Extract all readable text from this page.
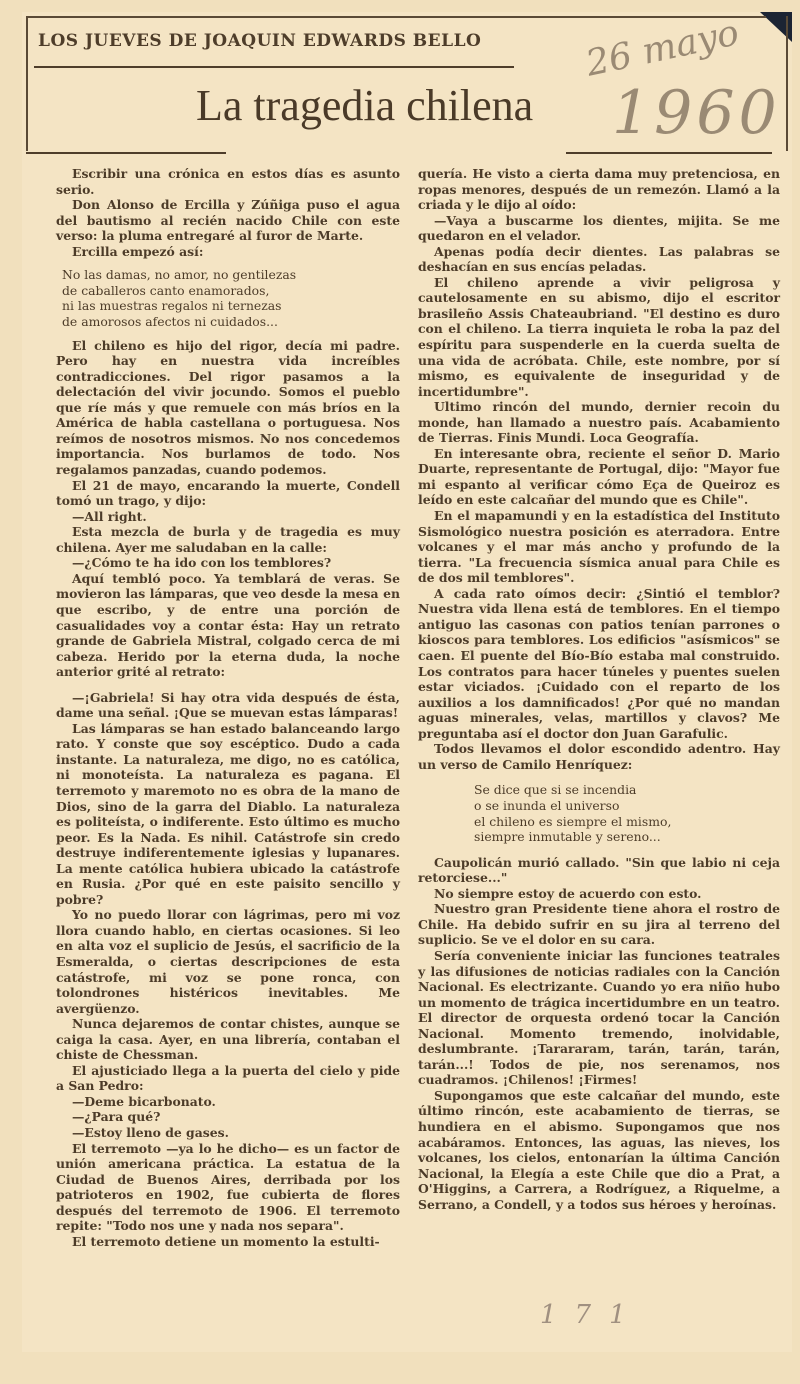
LOS JUEVES DE JOAQUIN EDWARDS BELLO
La tragedia chilena
26 mayo
1960

Escribir una crónica en estos días es asunto serio.

Don Alonso de Ercilla y Zúñiga puso el agua del bautismo al recién nacido Chile con este verso: la pluma entregaré al furor de Marte.

Ercilla empezó así:

No las damas, no amor, no gentilezas
de caballeros canto enamorados,
ni las muestras regalos ni ternezas
de amorosos afectos ni cuidados...

El chileno es hijo del rigor, decía mi padre. Pero hay en nuestra vida increíbles contradicciones. Del rigor pasamos a la delectación del vivir jocundo. Somos el pueblo que ríe más y que remuele con más bríos en la América de habla castellana o portuguesa. Nos reímos de nosotros mismos. No nos concedemos importancia. Nos burlamos de todo. Nos regalamos panzadas, cuando podemos.

El 21 de mayo, encarando la muerte, Condell tomó un trago, y dijo:

—All right.

Esta mezcla de burla y de tragedia es muy chilena. Ayer me saludaban en la calle:

—¿Cómo te ha ido con los temblores?

Aquí tembló poco. Ya temblará de veras. Se movieron las lámparas, que veo desde la mesa en que escribo, y de entre una porción de casualidades voy a contar ésta: Hay un retrato grande de Gabriela Mistral, colgado cerca de mi cabeza. Herido por la eterna duda, la noche anterior grité al retrato:

—¡Gabriela! Si hay otra vida después de ésta, dame una señal. ¡Que se muevan estas lámparas!

Las lámparas se han estado balanceando largo rato. Y conste que soy escéptico. Dudo a cada instante. La naturaleza, me digo, no es católica, ni monoteísta. La naturaleza es pagana. El terremoto y maremoto no es obra de la mano de Dios, sino de la garra del Diablo. La naturaleza es politeísta, o indiferente. Esto último es mucho peor. Es la Nada. Es nihil. Catástrofe sin credo destruye indiferentemente iglesias y lupanares. La mente católica hubiera ubicado la catástrofe en Rusia. ¿Por qué en este paisito sencillo y pobre?

Yo no puedo llorar con lágrimas, pero mi voz llora cuando hablo, en ciertas ocasiones. Si leo en alta voz el suplicio de Jesús, el sacrificio de la Esmeralda, o ciertas descripciones de esta catástrofe, mi voz se pone ronca, con tolondrones histéricos inevitables. Me avergüenzo.

Nunca dejaremos de contar chistes, aunque se caiga la casa. Ayer, en una librería, contaban el chiste de Chessman.

El ajusticiado llega a la puerta del cielo y pide a San Pedro:

—Deme bicarbonato.

—¿Para qué?

—Estoy lleno de gases.

El terremoto —ya lo he dicho— es un factor de unión americana práctica. La estatua de la Ciudad de Buenos Aires, derribada por los patrioteros en 1902, fue cubierta de flores después del terremoto de 1906. El terremoto repite: "Todo nos une y nada nos separa".

El terremoto detiene un momento la estulti-

quería. He visto a cierta dama muy pretenciosa, en ropas menores, después de un remezón. Llamó a la criada y le dijo al oído:

—Vaya a buscarme los dientes, mijita. Se me quedaron en el velador.

Apenas podía decir dientes. Las palabras se deshacían en sus encías peladas.

El chileno aprende a vivir peligrosa y cautelosamente en su abismo, dijo el escritor brasileño Assis Chateaubriand. "El destino es duro con el chileno. La tierra inquieta le roba la paz del espíritu para suspenderle en la cuerda suelta de una vida de acróbata. Chile, este nombre, por sí mismo, es equivalente de inseguridad y de incertidumbre".

Ultimo rincón del mundo, dernier recoin du monde, han llamado a nuestro país. Acabamiento de Tierras. Finis Mundi. Loca Geografía.

En interesante obra, reciente el señor D. Mario Duarte, representante de Portugal, dijo: "Mayor fue mi espanto al verificar cómo Eça de Queiroz es leído en este calcañar del mundo que es Chile".

En el mapamundi y en la estadística del Instituto Sismológico nuestra posición es aterradora. Entre volcanes y el mar más ancho y profundo de la tierra. "La frecuencia sísmica anual para Chile es de dos mil temblores".

A cada rato oímos decir: ¿Sintió el temblor? Nuestra vida llena está de temblores. En el tiempo antiguo las casonas con patios tenían parrones o kioscos para temblores. Los edificios "asísmicos" se caen. El puente del Bío-Bío estaba mal construido. Los contratos para hacer túneles y puentes suelen estar viciados. ¡Cuidado con el reparto de los auxilios a los damnificados! ¿Por qué no mandan aguas minerales, velas, martillos y clavos? Me preguntaba así el doctor don Juan Garafulic.

Todos llevamos el dolor escondido adentro. Hay un verso de Camilo Henríquez:

Se dice que si se incendia
o se inunda el universo
el chileno es siempre el mismo,
siempre inmutable y sereno...

Caupolicán murió callado. "Sin que labio ni ceja retorciese..."

No siempre estoy de acuerdo con esto.

Nuestro gran Presidente tiene ahora el rostro de Chile. Ha debido sufrir en su jira al terreno del suplicio. Se ve el dolor en su cara.

Sería conveniente iniciar las funciones teatrales y las difusiones de noticias radiales con la Canción Nacional. Es electrizante. Cuando yo era niño hubo un momento de trágica incertidumbre en un teatro. El director de orquesta ordenó tocar la Canción Nacional. Momento tremendo, inolvidable, deslumbrante. ¡Tarararam, tarán, tarán, tarán, tarán...! Todos de pie, nos serenamos, nos cuadramos. ¡Chilenos! ¡Firmes!

Supongamos que este calcañar del mundo, este último rincón, este acabamiento de tierras, se hundiera en el abismo. Supongamos que nos acabáramos. Entonces, las aguas, las nieves, los volcanes, los cielos, entonarían la última Canción Nacional, la Elegía a este Chile que dio a Prat, a O'Higgins, a Carrera, a Rodríguez, a Riquelme, a Serrano, a Condell, y a todos sus héroes y heroínas.

171
